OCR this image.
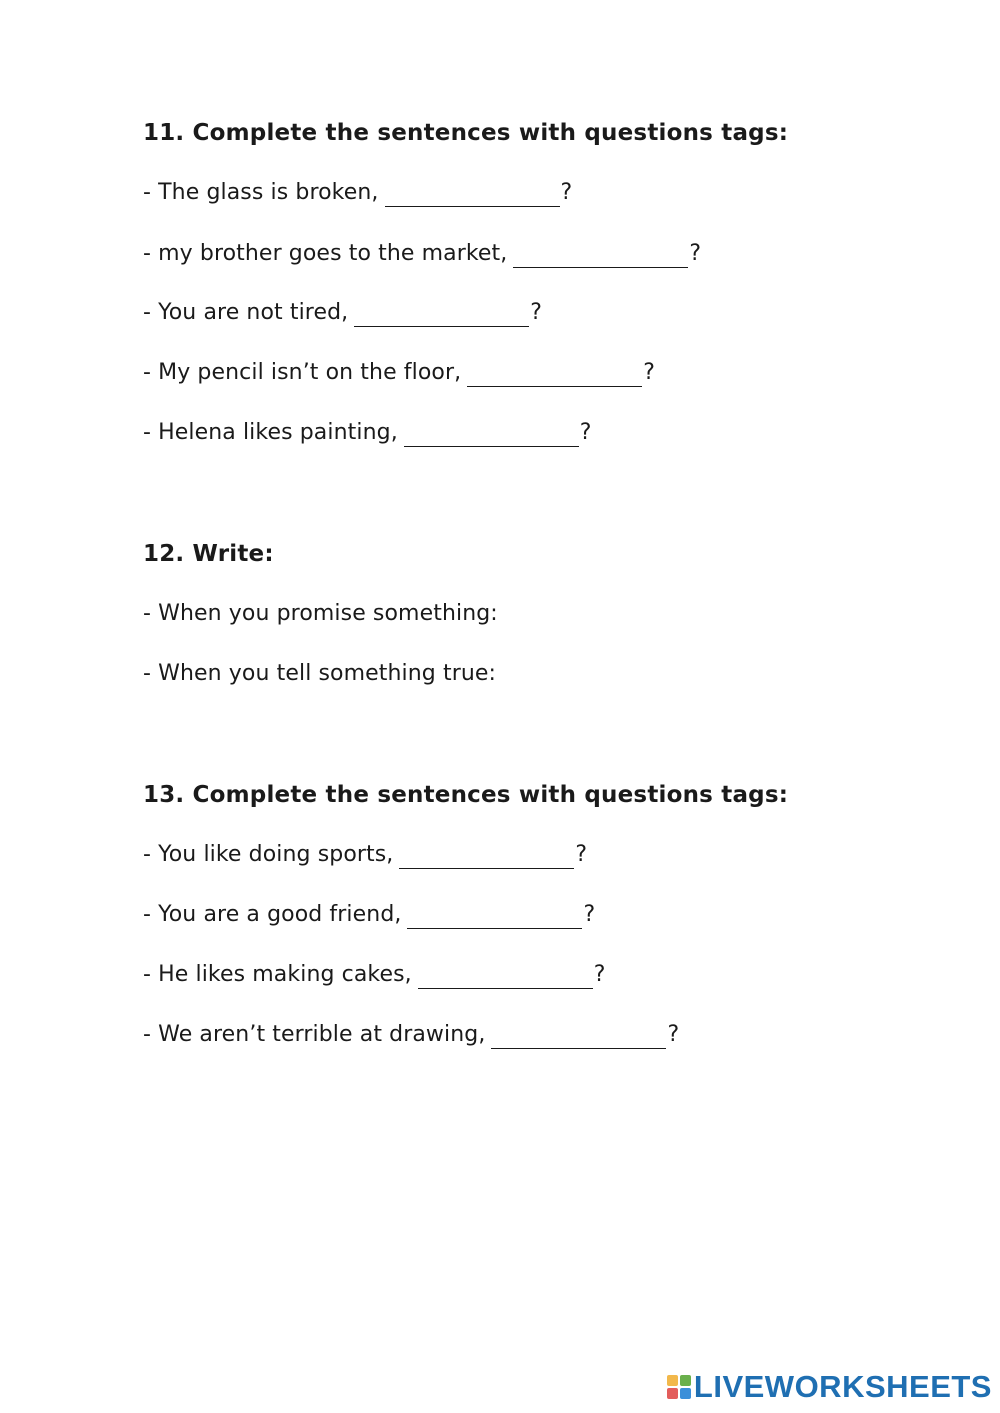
11. Complete the sentences with questions tags:
- The glass is broken,	?
- my brother goes to the market,	?
- You are not tired,	?
- My pencil isn’t on the floor,	?
- Helena likes painting,	?
12. Write:
- When you promise something:
- When you tell something true:
13. Complete the sentences with questions tags:
- You like doing sports,	?
- You are a good friend,	?
- He likes making cakes,	?
- We aren’t terrible at drawing,	?
LIVEWORKSHEETS
